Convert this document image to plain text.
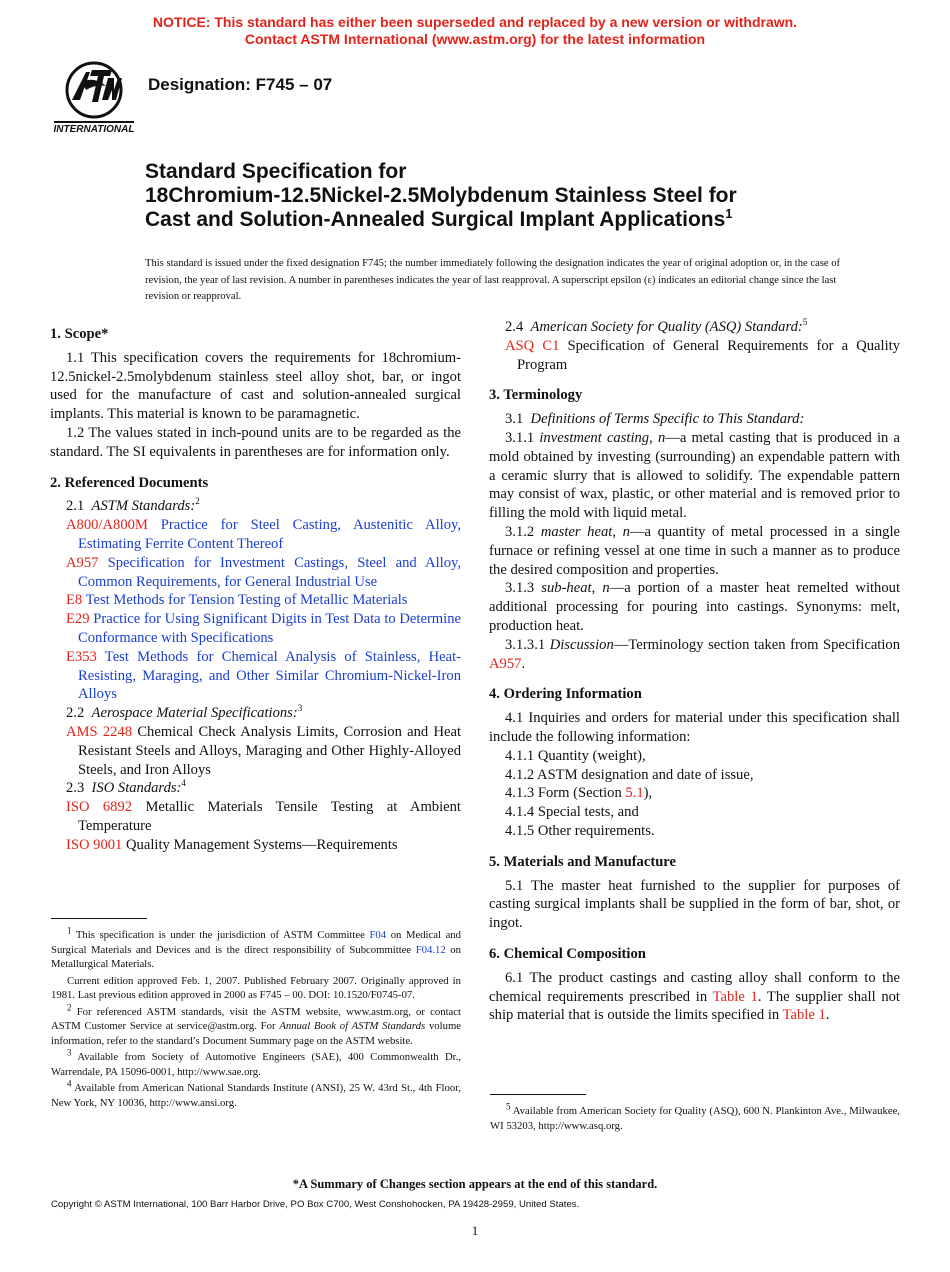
NOTICE: This standard has either been superseded and replaced by a new version or withdrawn.
Contact ASTM International (www.astm.org) for the latest information
INTERNATIONAL
Designation: F745 – 07
Standard Specification for
18Chromium-12.5Nickel-2.5Molybdenum Stainless Steel for
Cast and Solution-Annealed Surgical Implant Applications$^1$
This standard is issued under the fixed designation F745; the number immediately following the designation indicates the year of original adoption or, in the case of revision, the year of last revision. A number in parentheses indicates the year of last reapproval. A superscript epsilon (ε) indicates an editorial change since the last revision or reapproval.
1. Scope*

1.1 This specification covers the requirements for 18chromium-12.5nickel-2.5molybdenum stainless steel alloy shot, bar, or ingot used for the manufacture of cast and solution-annealed surgical implants. This material is known to be paramagnetic.

1.2 The values stated in inch-pound units are to be regarded as the standard. The SI equivalents in parentheses are for information only.

2. Referenced Documents

2.1 ASTM Standards:$^2$

A800/A800M Practice for Steel Casting, Austenitic Alloy, Estimating Ferrite Content Thereof

A957 Specification for Investment Castings, Steel and Alloy, Common Requirements, for General Industrial Use

E8 Test Methods for Tension Testing of Metallic Materials

E29 Practice for Using Significant Digits in Test Data to Determine Conformance with Specifications

E353 Test Methods for Chemical Analysis of Stainless, Heat-Resisting, Maraging, and Other Similar Chromium-Nickel-Iron Alloys

2.2 Aerospace Material Specifications:$^3$

AMS 2248 Chemical Check Analysis Limits, Corrosion and Heat Resistant Steels and Alloys, Maraging and Other Highly-Alloyed Steels, and Iron Alloys

2.3 ISO Standards:$^4$

ISO 6892 Metallic Materials Tensile Testing at Ambient Temperature

ISO 9001 Quality Management Systems—Requirements

$^1$ This specification is under the jurisdiction of ASTM Committee F04 on Medical and Surgical Materials and Devices and is the direct responsibility of Subcommittee F04.12 on Metallurgical Materials.

Current edition approved Feb. 1, 2007. Published February 2007. Originally approved in 1981. Last previous edition approved in 2000 as F745 – 00. DOI: 10.1520/F0745-07.

$^2$ For referenced ASTM standards, visit the ASTM website, www.astm.org, or contact ASTM Customer Service at service@astm.org. For Annual Book of ASTM Standards volume information, refer to the standard’s Document Summary page on the ASTM website.

$^3$ Available from Society of Automotive Engineers (SAE), 400 Commonwealth Dr., Warrendale, PA 15096-0001, http://www.sae.org.

$^4$ Available from American National Standards Institute (ANSI), 25 W. 43rd St., 4th Floor, New York, NY 10036, http://www.ansi.org.

2.4 American Society for Quality (ASQ) Standard:$^5$

ASQ C1 Specification of General Requirements for a Quality Program

3. Terminology

3.1 Definitions of Terms Specific to This Standard:

3.1.1 investment casting, n—a metal casting that is produced in a mold obtained by investing (surrounding) an expendable pattern with a ceramic slurry that is allowed to solidify. The expendable pattern may consist of wax, plastic, or other material and is removed prior to filling the mold with liquid metal.

3.1.2 master heat, n—a quantity of metal processed in a single furnace or refining vessel at one time in such a manner as to produce the desired composition and properties.

3.1.3 sub-heat, n—a portion of a master heat remelted without additional processing for pouring into castings. Synonyms: melt, production heat.

3.1.3.1 Discussion—Terminology section taken from Specification A957.

4. Ordering Information

4.1 Inquiries and orders for material under this specification shall include the following information:

4.1.1 Quantity (weight),

4.1.2 ASTM designation and date of issue,

4.1.3 Form (Section 5.1),

4.1.4 Special tests, and

4.1.5 Other requirements.

5. Materials and Manufacture

5.1 The master heat furnished to the supplier for purposes of casting surgical implants shall be supplied in the form of bar, shot, or ingot.

6. Chemical Composition

6.1 The product castings and casting alloy shall conform to the chemical requirements prescribed in Table 1. The supplier shall not ship material that is outside the limits specified in Table 1.

$^5$ Available from American Society for Quality (ASQ), 600 N. Plankinton Ave., Milwaukee, WI 53203, http://www.asq.org.

*A Summary of Changes section appears at the end of this standard.
Copyright © ASTM International, 100 Barr Harbor Drive, PO Box C700, West Conshohocken, PA 19428-2959, United States.
1
